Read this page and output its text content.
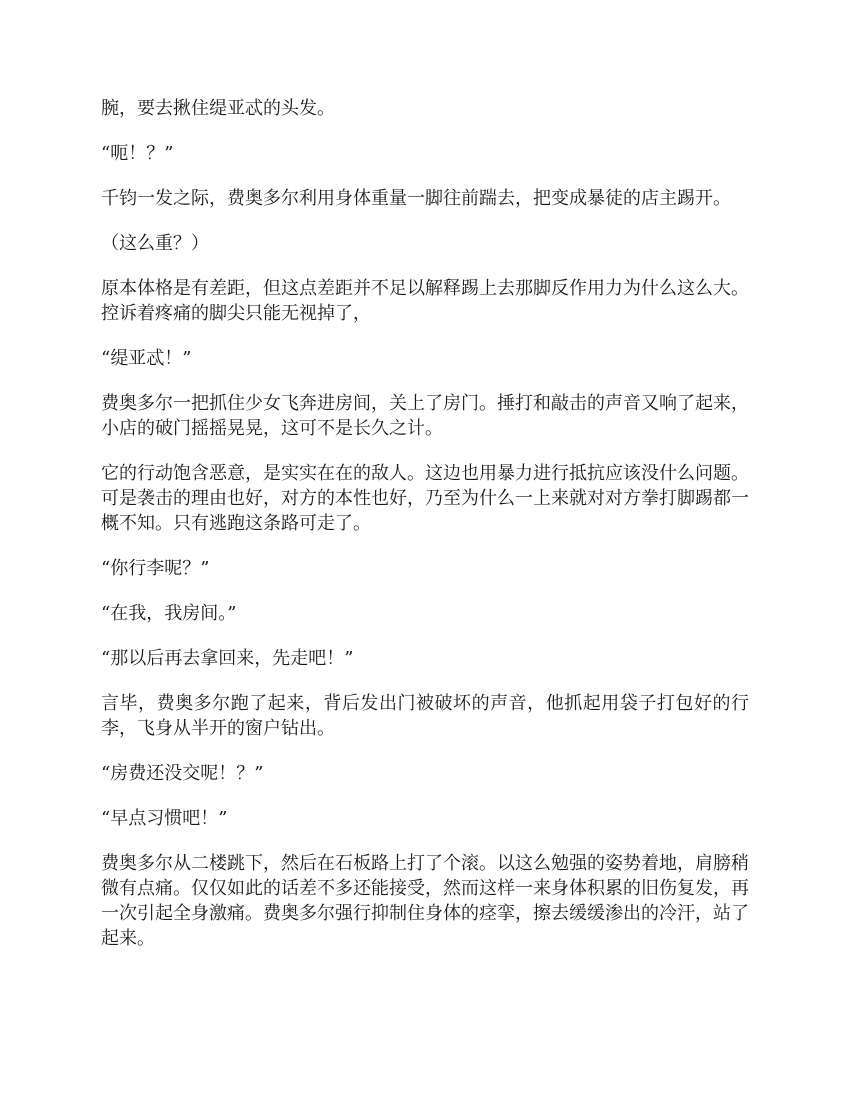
腕，要去揪住缇亚忒的头发。

“呃！？”

千钧一发之际，费奥多尔利用身体重量一脚往前踹去，把变成暴徒的店主踢开。

（这么重？）

原本体格是有差距，但这点差距并不足以解释踢上去那脚反作用力为什么这么大。控诉着疼痛的脚尖只能无视掉了，

“缇亚忒！”

费奥多尔一把抓住少女飞奔进房间，关上了房门。捶打和敲击的声音又响了起来，小店的破门摇摇晃晃，这可不是长久之计。

它的行动饱含恶意，是实实在在的敌人。这边也用暴力进行抵抗应该没什么问题。可是袭击的理由也好，对方的本性也好，乃至为什么一上来就对对方拳打脚踢都一概不知。只有逃跑这条路可走了。

“你行李呢？”

“在我，我房间。”

“那以后再去拿回来，先走吧！”

言毕，费奥多尔跑了起来，背后发出门被破坏的声音，他抓起用袋子打包好的行李，飞身从半开的窗户钻出。

“房费还没交呢！？”

“早点习惯吧！”

费奥多尔从二楼跳下，然后在石板路上打了个滚。以这么勉强的姿势着地，肩膀稍微有点痛。仅仅如此的话差不多还能接受，然而这样一来身体积累的旧伤复发，再一次引起全身激痛。费奥多尔强行抑制住身体的痉挛，擦去缓缓渗出的冷汗，站了起来。
